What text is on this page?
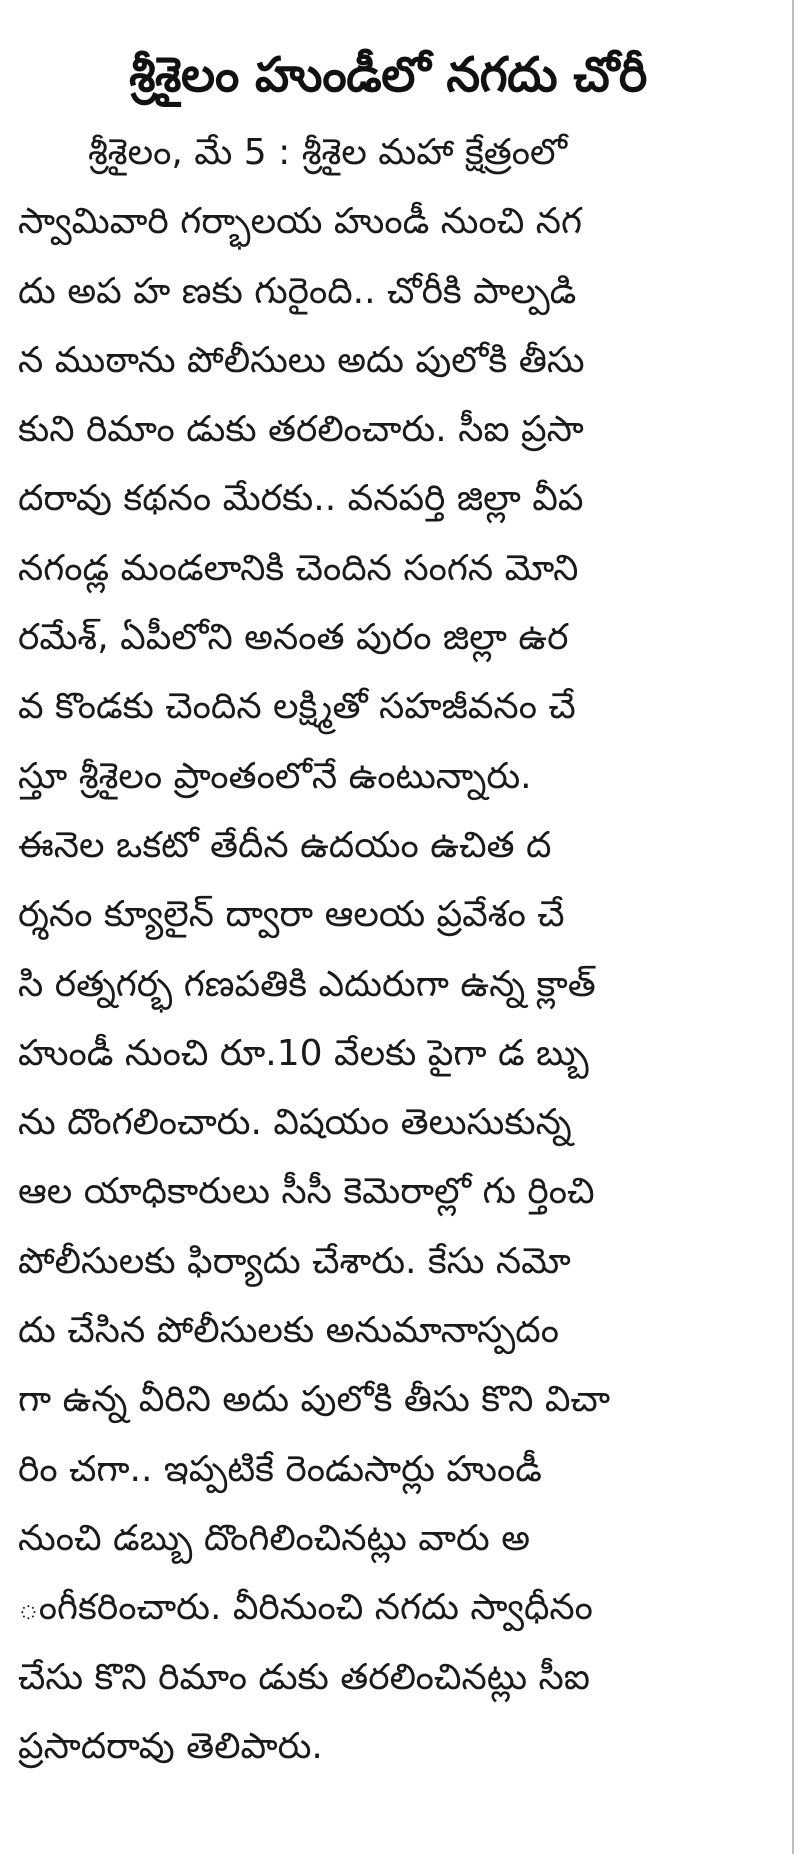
శ్రీశైలం హుండీలో నగదు చోరీ
శ్రీశైలం, మే 5 : శ్రీశైల మహా క్షేత్రంలో
స్వామివారి గర్భాలయ హుండీ నుంచి నగ
దు అప హ ణకు గురైంది.. చోరీకి పాల్పడి
న ముఠాను పోలీసులు అదు పులోకి తీసు
కుని రిమాం డుకు తరలించారు. సీఐ ప్రసా
దరావు కథనం మేరకు.. వనపర్తి జిల్లా వీప
నగండ్ల మండలానికి చెందిన సంగన మోని
రమేశ్, ఏపీలోని అనంత పురం జిల్లా ఉర
వ కొండకు చెందిన లక్ష్మితో సహజీవనం చే
స్తూ శ్రీశైలం ప్రాంతంలోనే ఉంటున్నారు.
ఈనెల ఒకటో తేదీన ఉదయం ఉచిత ద
ర్శనం క్యూలైన్ ద్వారా ఆలయ ప్రవేశం చే
సి రత్నగర్భ గణపతికి ఎదురుగా ఉన్న క్లాత్
హుండీ నుంచి రూ.10 వేలకు పైగా డ బ్బు
ను దొంగలించారు. విషయం తెలుసుకున్న
ఆల యాధికారులు సీసీ కెమెరాల్లో గు ర్తించి
పోలీసులకు ఫిర్యాదు చేశారు. కేసు నమో
దు చేసిన పోలీసులకు అనుమానాస్పదం
గా ఉన్న వీరిని అదు పులోకి తీసు కొని విచా
రిం చగా.. ఇప్పటికే రెండుసార్లు హుండీ
నుంచి డబ్బు దొంగిలించినట్లు వారు అ
ంగీకరించారు. వీరినుంచి నగదు స్వాధీనం
చేసు కొని రిమాం డుకు తరలించినట్లు సీఐ
ప్రసాదరావు తెలిపారు.
